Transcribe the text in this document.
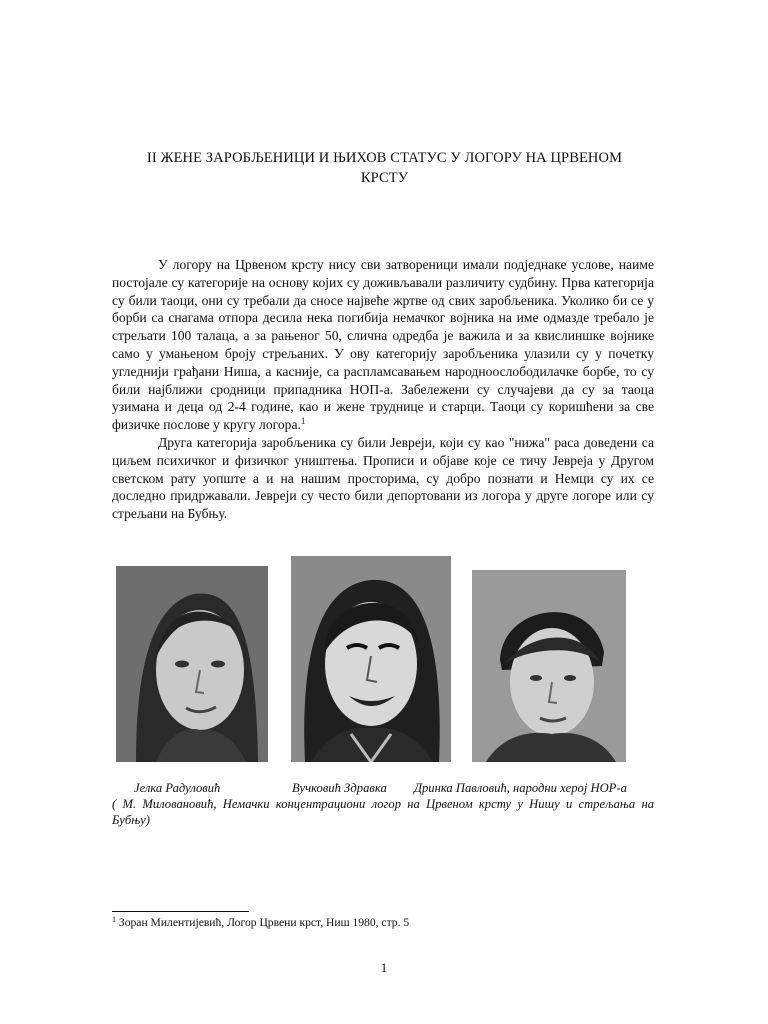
II ЖЕНЕ ЗАРОБЉЕНИЦИ И ЊИХОВ СТАТУС У ЛОГОРУ НА ЦРВЕНОМ
КРСТУ

У логору на Црвеном крсту нису сви затвореници имали подједнаке услове, наиме постојале су категорије на основу којих су доживљавали различиту судбину. Прва категорија су били таоци, они су требали да сносе највеће жртве од свих заробљеника. Уколико би се у борби са снагама отпора десила нека погибија немачког војника на име одмазде требало је стрељати 100 талаца, а за рањеног 50, слична одредба је важила и за квислиншке војнике само у умањеном броју стрељаних. У ову категорију заробљеника улазили су у почетку угледнији грађани Ниша, а касније, са распламсавањем народноослободилачке борбе, то су били најближи сродници припадника НОП-а. Забележени су случајеви да су за таоца узимана и деца од 2-4 године, као и жене труднице и старци. Таоци су коришћени за све физичке послове у кругу логора.$^1$

Друга категорија заробљеника су били Јевреји, који су као "нижа" раса доведени са циљем психичког и физичког уништења. Прописи и објаве које се тичу Јевреја у Другом светском рату уопште а и на нашим просторима, су добро познати и Немци су их се доследно придржавали. Јевреји су често били депортовани из логора у друге логоре или су стрељани на Бубњу.

Јелка Радуловић	Вучковић Здравка Дринка Павловић, народни херој НОР-а
( М. Миловановић, Немачки концентрациони логор на Црвеном крсту у Нишу и стрељања на Бубњу)
$^1$ Зоран Милентијевић, Логор Црвени крст, Ниш 1980, стр. 5
1
